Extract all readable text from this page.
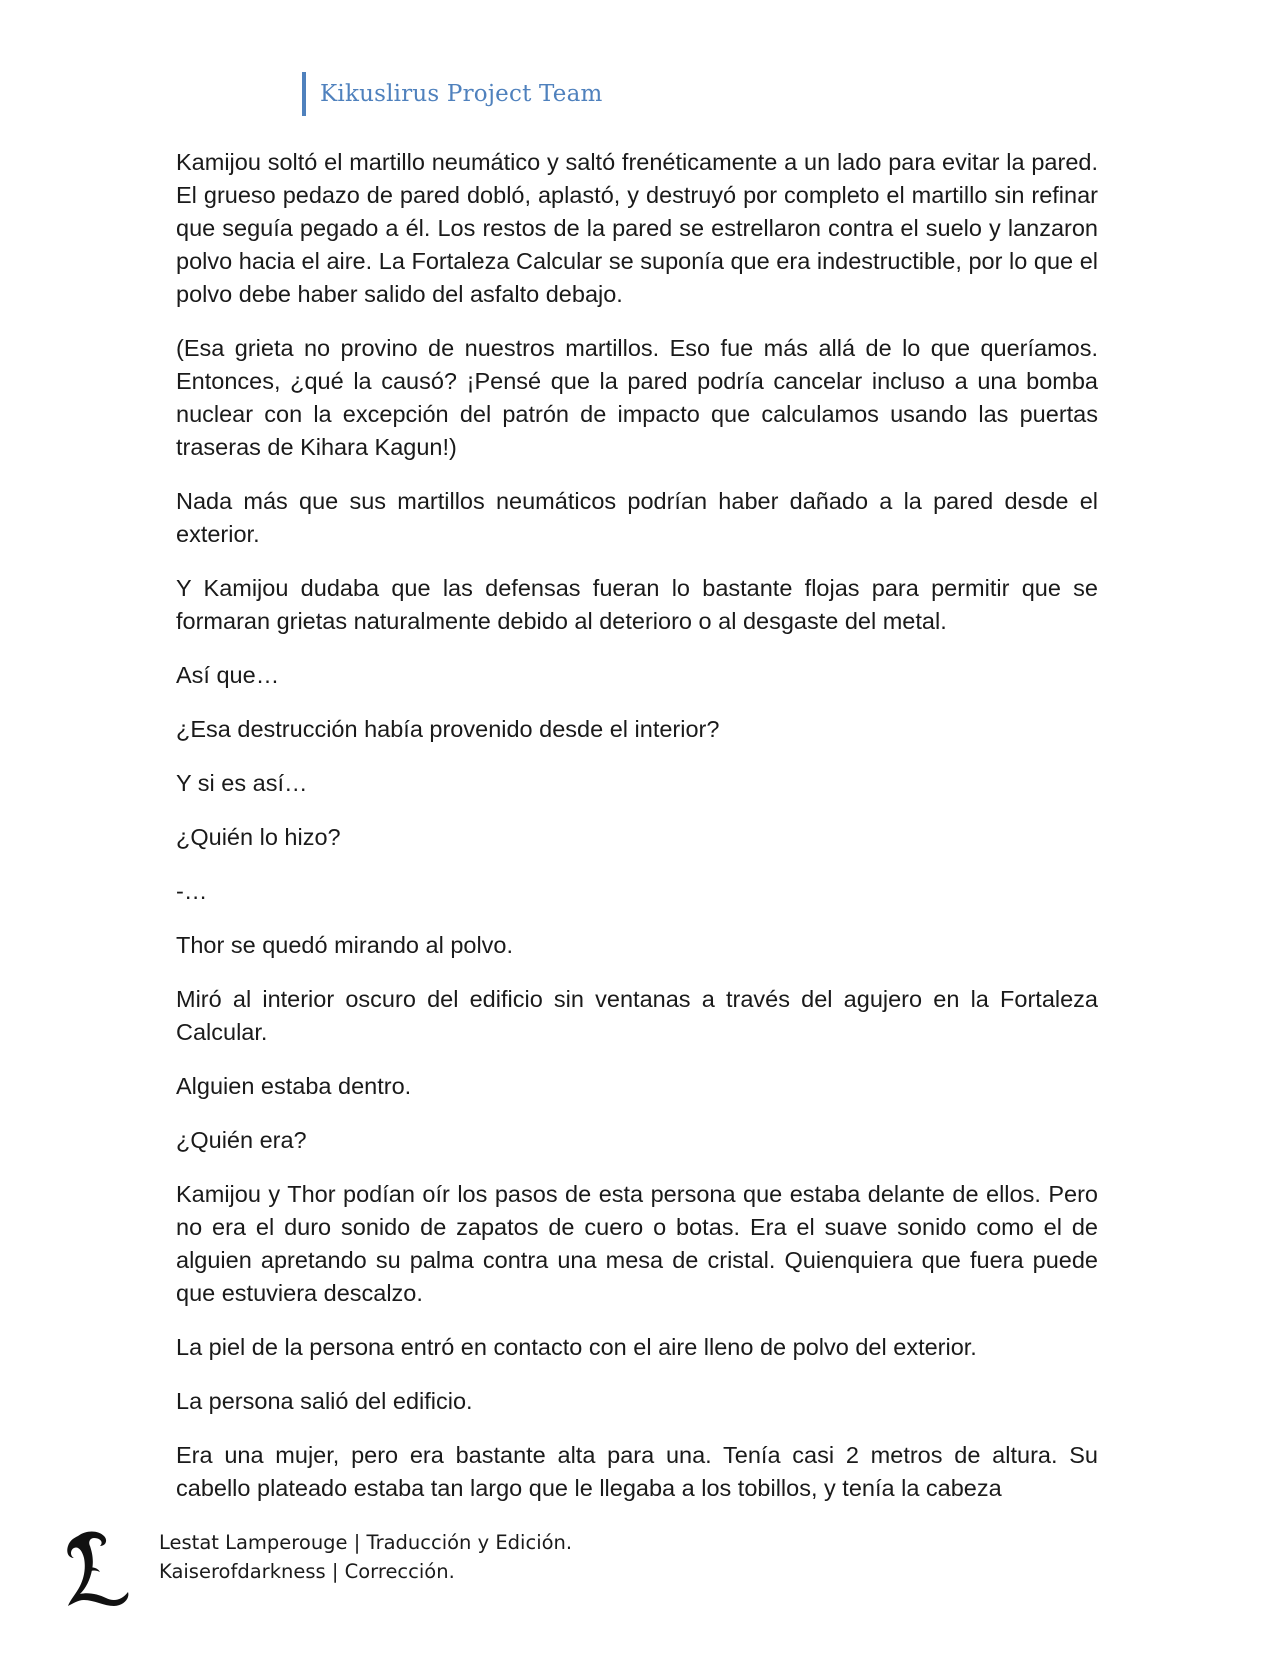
Kikuslirus Project Team

Kamijou soltó el martillo neumático y saltó frenéticamente a un lado para evitar la pared. El grueso pedazo de pared dobló, aplastó, y destruyó por completo el martillo sin refinar que seguía pegado a él. Los restos de la pared se estrellaron contra el suelo y lanzaron polvo hacia el aire. La Fortaleza Calcular se suponía que era indestructible, por lo que el polvo debe haber salido del asfalto debajo.

(Esa grieta no provino de nuestros martillos. Eso fue más allá de lo que queríamos. Entonces, ¿qué la causó? ¡Pensé que la pared podría cancelar incluso a una bomba nuclear con la excepción del patrón de impacto que calculamos usando las puertas traseras de Kihara Kagun!)

Nada más que sus martillos neumáticos podrían haber dañado a la pared desde el exterior.

Y Kamijou dudaba que las defensas fueran lo bastante flojas para permitir que se formaran grietas naturalmente debido al deterioro o al desgaste del metal.

Así que…

¿Esa destrucción había provenido desde el interior?

Y si es así…

¿Quién lo hizo?

-…

Thor se quedó mirando al polvo.

Miró al interior oscuro del edificio sin ventanas a través del agujero en la Fortaleza Calcular.

Alguien estaba dentro.

¿Quién era?

Kamijou y Thor podían oír los pasos de esta persona que estaba delante de ellos. Pero no era el duro sonido de zapatos de cuero o botas. Era el suave sonido como el de alguien apretando su palma contra una mesa de cristal. Quienquiera que fuera puede que estuviera descalzo.

La piel de la persona entró en contacto con el aire lleno de polvo del exterior.

La persona salió del edificio.

Era una mujer, pero era bastante alta para una. Tenía casi 2 metros de altura. Su cabello plateado estaba tan largo que le llegaba a los tobillos, y tenía la cabeza

Lestat Lamperouge | Traducción y Edición.
Kaiserofdarkness | Corrección.
